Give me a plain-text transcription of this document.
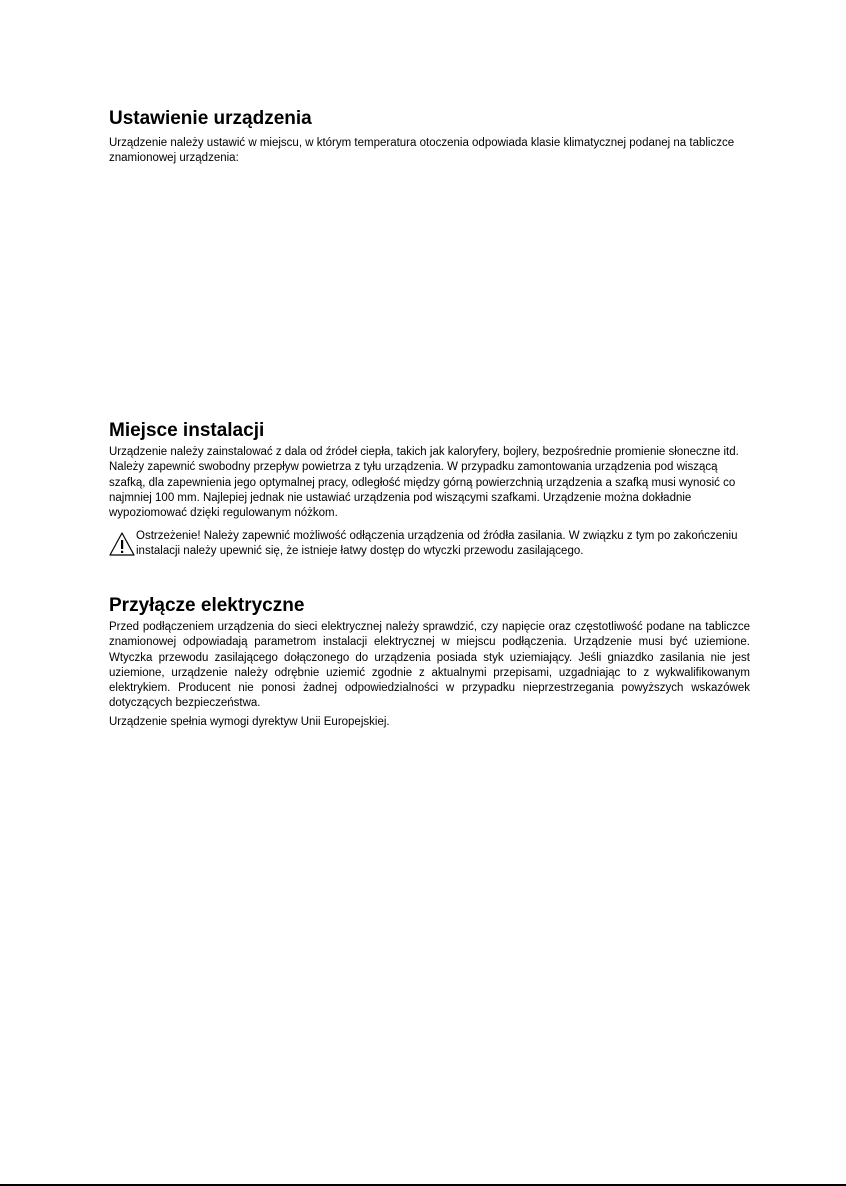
Ustawienie urządzenia

Urządzenie należy ustawić w miejscu, w którym temperatura otoczenia odpowiada klasie klimatycznej podanej na tabliczce znamionowej urządzenia:

Miejsce instalacji

Urządzenie należy zainstalować z dala od źródeł ciepła, takich jak kaloryfery, bojlery, bezpośrednie promienie słoneczne itd. Należy zapewnić swobodny przepływ powietrza z tyłu urządzenia. W przypadku zamontowania urządzenia pod wiszącą szafką, dla zapewnienia jego optymalnej pracy, odległość między górną powierzchnią urządzenia a szafką musi wynosić co najmniej 100 mm. Najlepiej jednak nie ustawiać urządzenia pod wiszącymi szafkami. Urządzenie można dokładnie wypoziomować dzięki regulowanym nóżkom.

Ostrzeżenie! Należy zapewnić możliwość odłączenia urządzenia od źródła zasilania. W związku z tym po zakończeniu instalacji należy upewnić się, że istnieje łatwy dostęp do wtyczki przewodu zasilającego.

Przyłącze elektryczne

Przed podłączeniem urządzenia do sieci elektrycznej należy sprawdzić, czy napięcie oraz częstotliwość podane na tabliczce znamionowej odpowiadają parametrom instalacji elektrycznej w miejscu podłączenia. Urządzenie musi być uziemione. Wtyczka przewodu zasilającego dołączonego do urządzenia posiada styk uziemiający. Jeśli gniazdko zasilania nie jest uziemione, urządzenie należy odrębnie uziemić zgodnie z aktualnymi przepisami, uzgadniając to z wykwalifikowanym elektrykiem. Producent nie ponosi żadnej odpowiedzialności w przypadku nieprzestrzegania powyższych wskazówek dotyczących bezpieczeństwa.

Urządzenie spełnia wymogi dyrektyw Unii Europejskiej.
